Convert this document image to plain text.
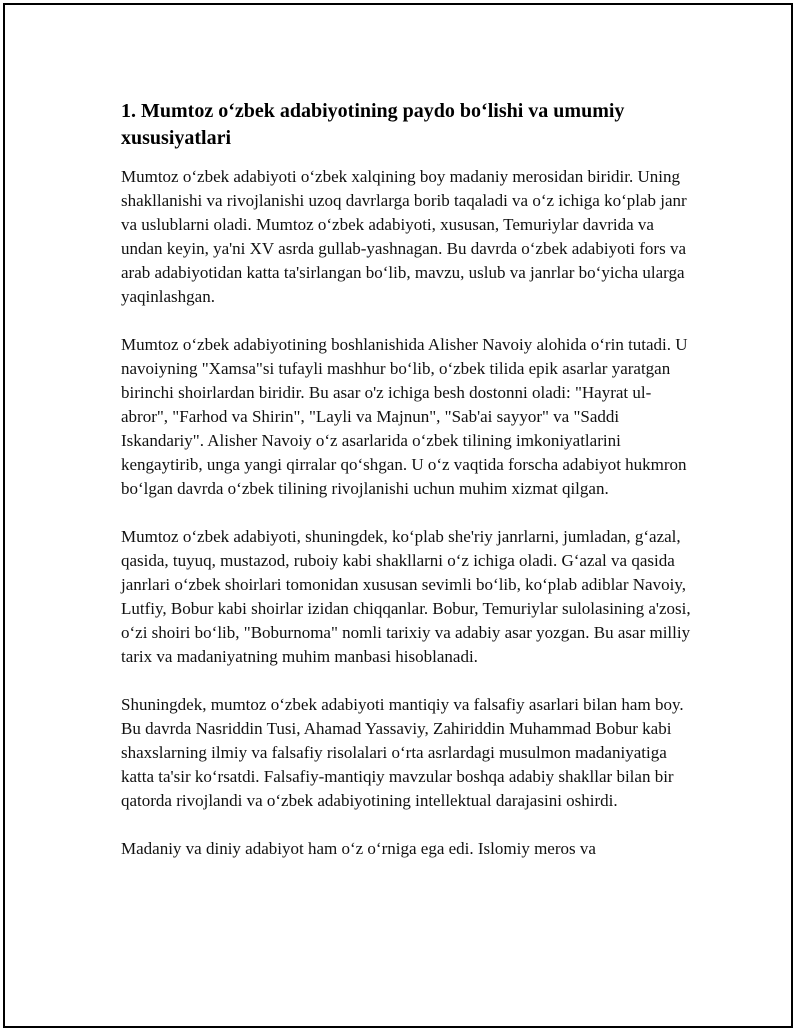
1. Mumtoz o‘zbek adabiyotining paydo bo‘lishi va umumiy xususiyatlari

Mumtoz o‘zbek adabiyoti o‘zbek xalqining boy madaniy merosidan biridir. Uning shakllanishi va rivojlanishi uzoq davrlarga borib taqaladi va o‘z ichiga ko‘plab janr va uslublarni oladi. Mumtoz o‘zbek adabiyoti, xususan, Temuriylar davrida va undan keyin, ya'ni XV asrda gullab-yashnagan. Bu davrda o‘zbek adabiyoti fors va arab adabiyotidan katta ta'sirlangan bo‘lib, mavzu, uslub va janrlar bo‘yicha ularga yaqinlashgan.

Mumtoz o‘zbek adabiyotining boshlanishida Alisher Navoiy alohida o‘rin tutadi. U navoiyning "Xamsa"si tufayli mashhur bo‘lib, o‘zbek tilida epik asarlar yaratgan birinchi shoirlardan biridir. Bu asar o'z ichiga besh dostonni oladi: "Hayrat ul-abror", "Farhod va Shirin", "Layli va Majnun", "Sab'ai sayyor" va "Saddi Iskandariy". Alisher Navoiy o‘z asarlarida o‘zbek tilining imkoniyatlarini kengaytirib, unga yangi qirralar qo‘shgan. U o‘z vaqtida forscha adabiyot hukmron bo‘lgan davrda o‘zbek tilining rivojlanishi uchun muhim xizmat qilgan.

Mumtoz o‘zbek adabiyoti, shuningdek, ko‘plab she'riy janrlarni, jumladan, g‘azal, qasida, tuyuq, mustazod, ruboiy kabi shakllarni o‘z ichiga oladi. G‘azal va qasida janrlari o‘zbek shoirlari tomonidan xususan sevimli bo‘lib, ko‘plab adiblar Navoiy, Lutfiy, Bobur kabi shoirlar izidan chiqqanlar. Bobur, Temuriylar sulolasining a'zosi, o‘zi shoiri bo‘lib, "Boburnoma" nomli tarixiy va adabiy asar yozgan. Bu asar milliy tarix va madaniyatning muhim manbasi hisoblanadi.

Shuningdek, mumtoz o‘zbek adabiyoti mantiqiy va falsafiy asarlari bilan ham boy. Bu davrda Nasriddin Tusi, Ahamad Yassaviy, Zahiriddin Muhammad Bobur kabi shaxslarning ilmiy va falsafiy risolalari o‘rta asrlardagi musulmon madaniyatiga katta ta'sir ko‘rsatdi. Falsafiy-mantiqiy mavzular boshqa adabiy shakllar bilan bir qatorda rivojlandi va o‘zbek adabiyotining intellektual darajasini oshirdi.

Madaniy va diniy adabiyot ham o‘z o‘rniga ega edi. Islomiy meros va
